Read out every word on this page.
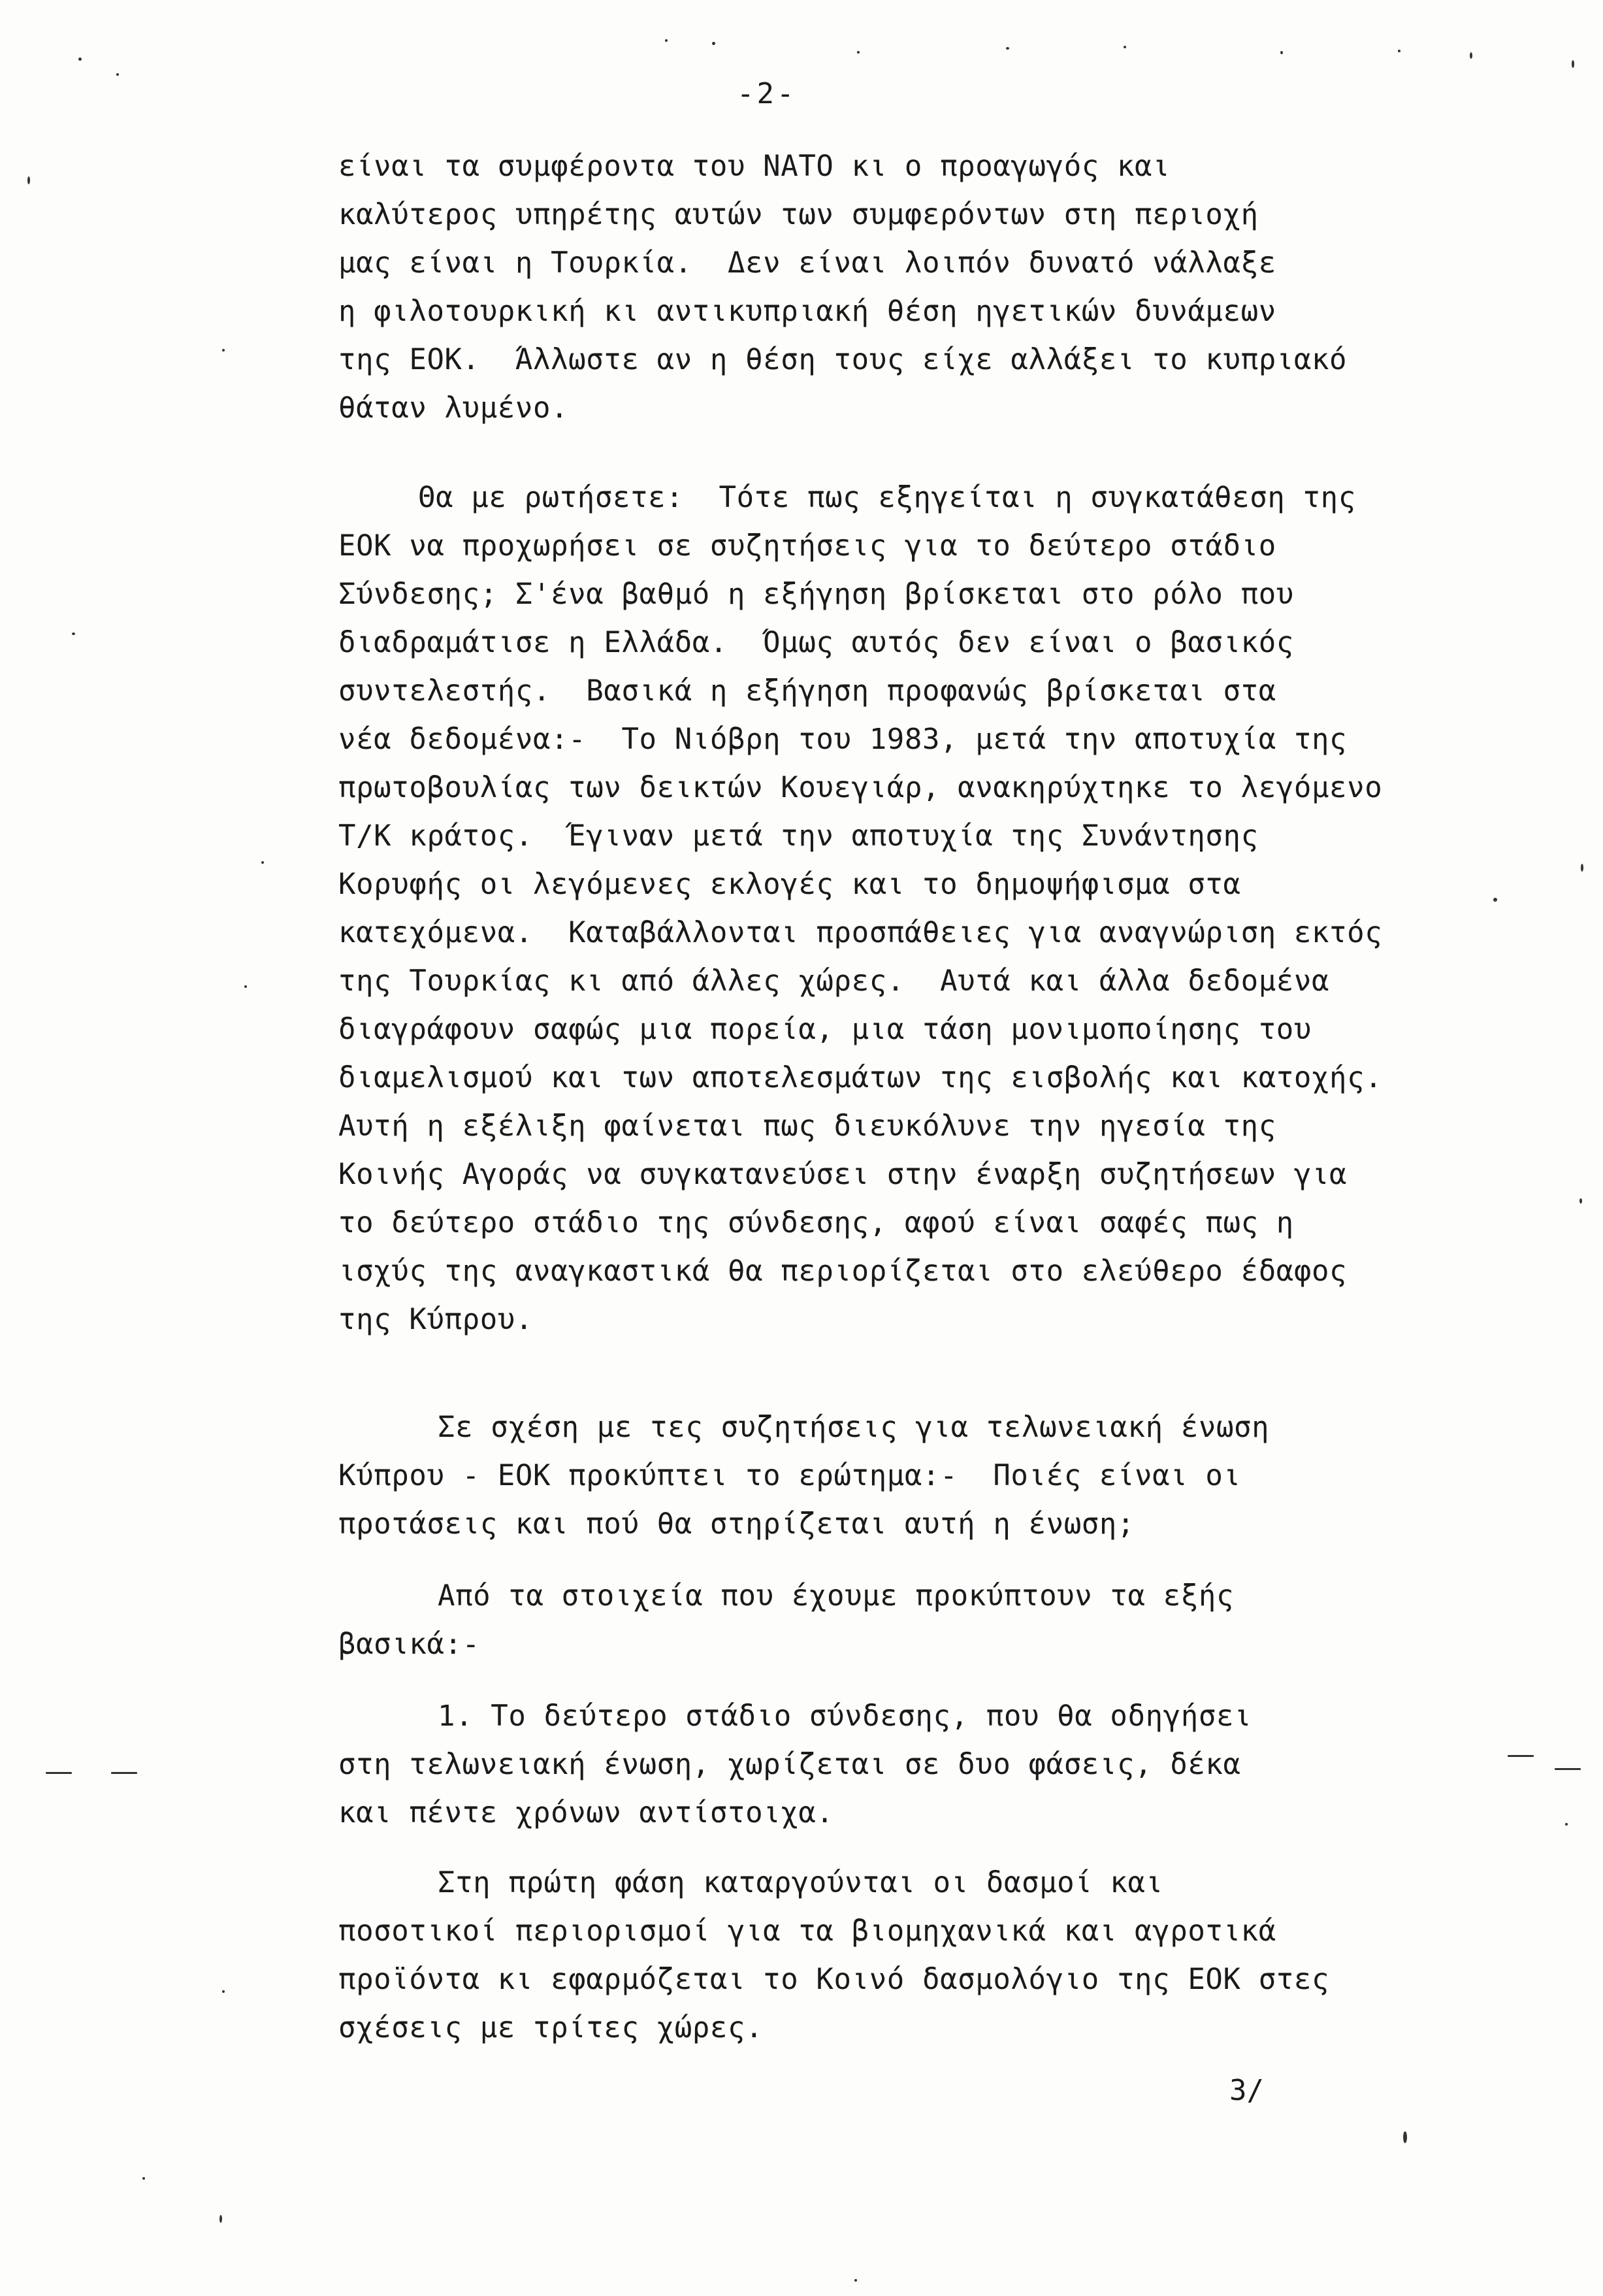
-2-
είναι τα συμφέροντα του ΝΑΤΟ κι ο προαγωγός και
καλύτερος υπηρέτης αυτών των συμφερόντων στη περιοχή
μας είναι η Τουρκία.  Δεν είναι λοιπόν δυνατό νάλλαξε
η φιλοτουρκική κι αντικυπριακή θέση ηγετικών δυνάμεων
της ΕΟΚ.  Άλλωστε αν η θέση τους είχε αλλάξει το κυπριακό
θάταν λυμένο.
Θα με ρωτήσετε:  Τότε πως εξηγείται η συγκατάθεση της
ΕΟΚ να προχωρήσει σε συζητήσεις για το δεύτερο στάδιο
Σύνδεσης; Σ'ένα βαθμό η εξήγηση βρίσκεται στο ρόλο που
διαδραμάτισε η Ελλάδα.  Όμως αυτός δεν είναι ο βασικός
συντελεστής.  Βασικά η εξήγηση προφανώς βρίσκεται στα
νέα δεδομένα:-  Το Νιόβρη του 1983, μετά την αποτυχία της
πρωτοβουλίας των δεικτών Κουεγιάρ, ανακηρύχτηκε το λεγόμενο
Τ/Κ κράτος.  Έγιναν μετά την αποτυχία της Συνάντησης
Κορυφής οι λεγόμενες εκλογές και το δημοψήφισμα στα
κατεχόμενα.  Καταβάλλονται προσπάθειες για αναγνώριση εκτός
της Τουρκίας κι από άλλες χώρες.  Αυτά και άλλα δεδομένα
διαγράφουν σαφώς μια πορεία, μια τάση μονιμοποίησης του
διαμελισμού και των αποτελεσμάτων της εισβολής και κατοχής.
Αυτή η εξέλιξη φαίνεται πως διευκόλυνε την ηγεσία της
Κοινής Αγοράς να συγκατανεύσει στην έναρξη συζητήσεων για
το δεύτερο στάδιο της σύνδεσης, αφού είναι σαφές πως η
ισχύς της αναγκαστικά θα περιορίζεται στο ελεύθερο έδαφος
της Κύπρου.
Σε σχέση με τες συζητήσεις για τελωνειακή ένωση
Κύπρου - ΕΟΚ προκύπτει το ερώτημα:-  Ποιές είναι οι
προτάσεις και πού θα στηρίζεται αυτή η ένωση;
Από τα στοιχεία που έχουμε προκύπτουν τα εξής
βασικά:-
1. Το δεύτερο στάδιο σύνδεσης, που θα οδηγήσει
στη τελωνειακή ένωση, χωρίζεται σε δυο φάσεις, δέκα
και πέντε χρόνων αντίστοιχα.
Στη πρώτη φάση καταργούνται οι δασμοί και
ποσοτικοί περιορισμοί για τα βιομηχανικά και αγροτικά
προϊόντα κι εφαρμόζεται το Κοινό δασμολόγιο της ΕΟΚ στες
σχέσεις με τρίτες χώρες.
3/
